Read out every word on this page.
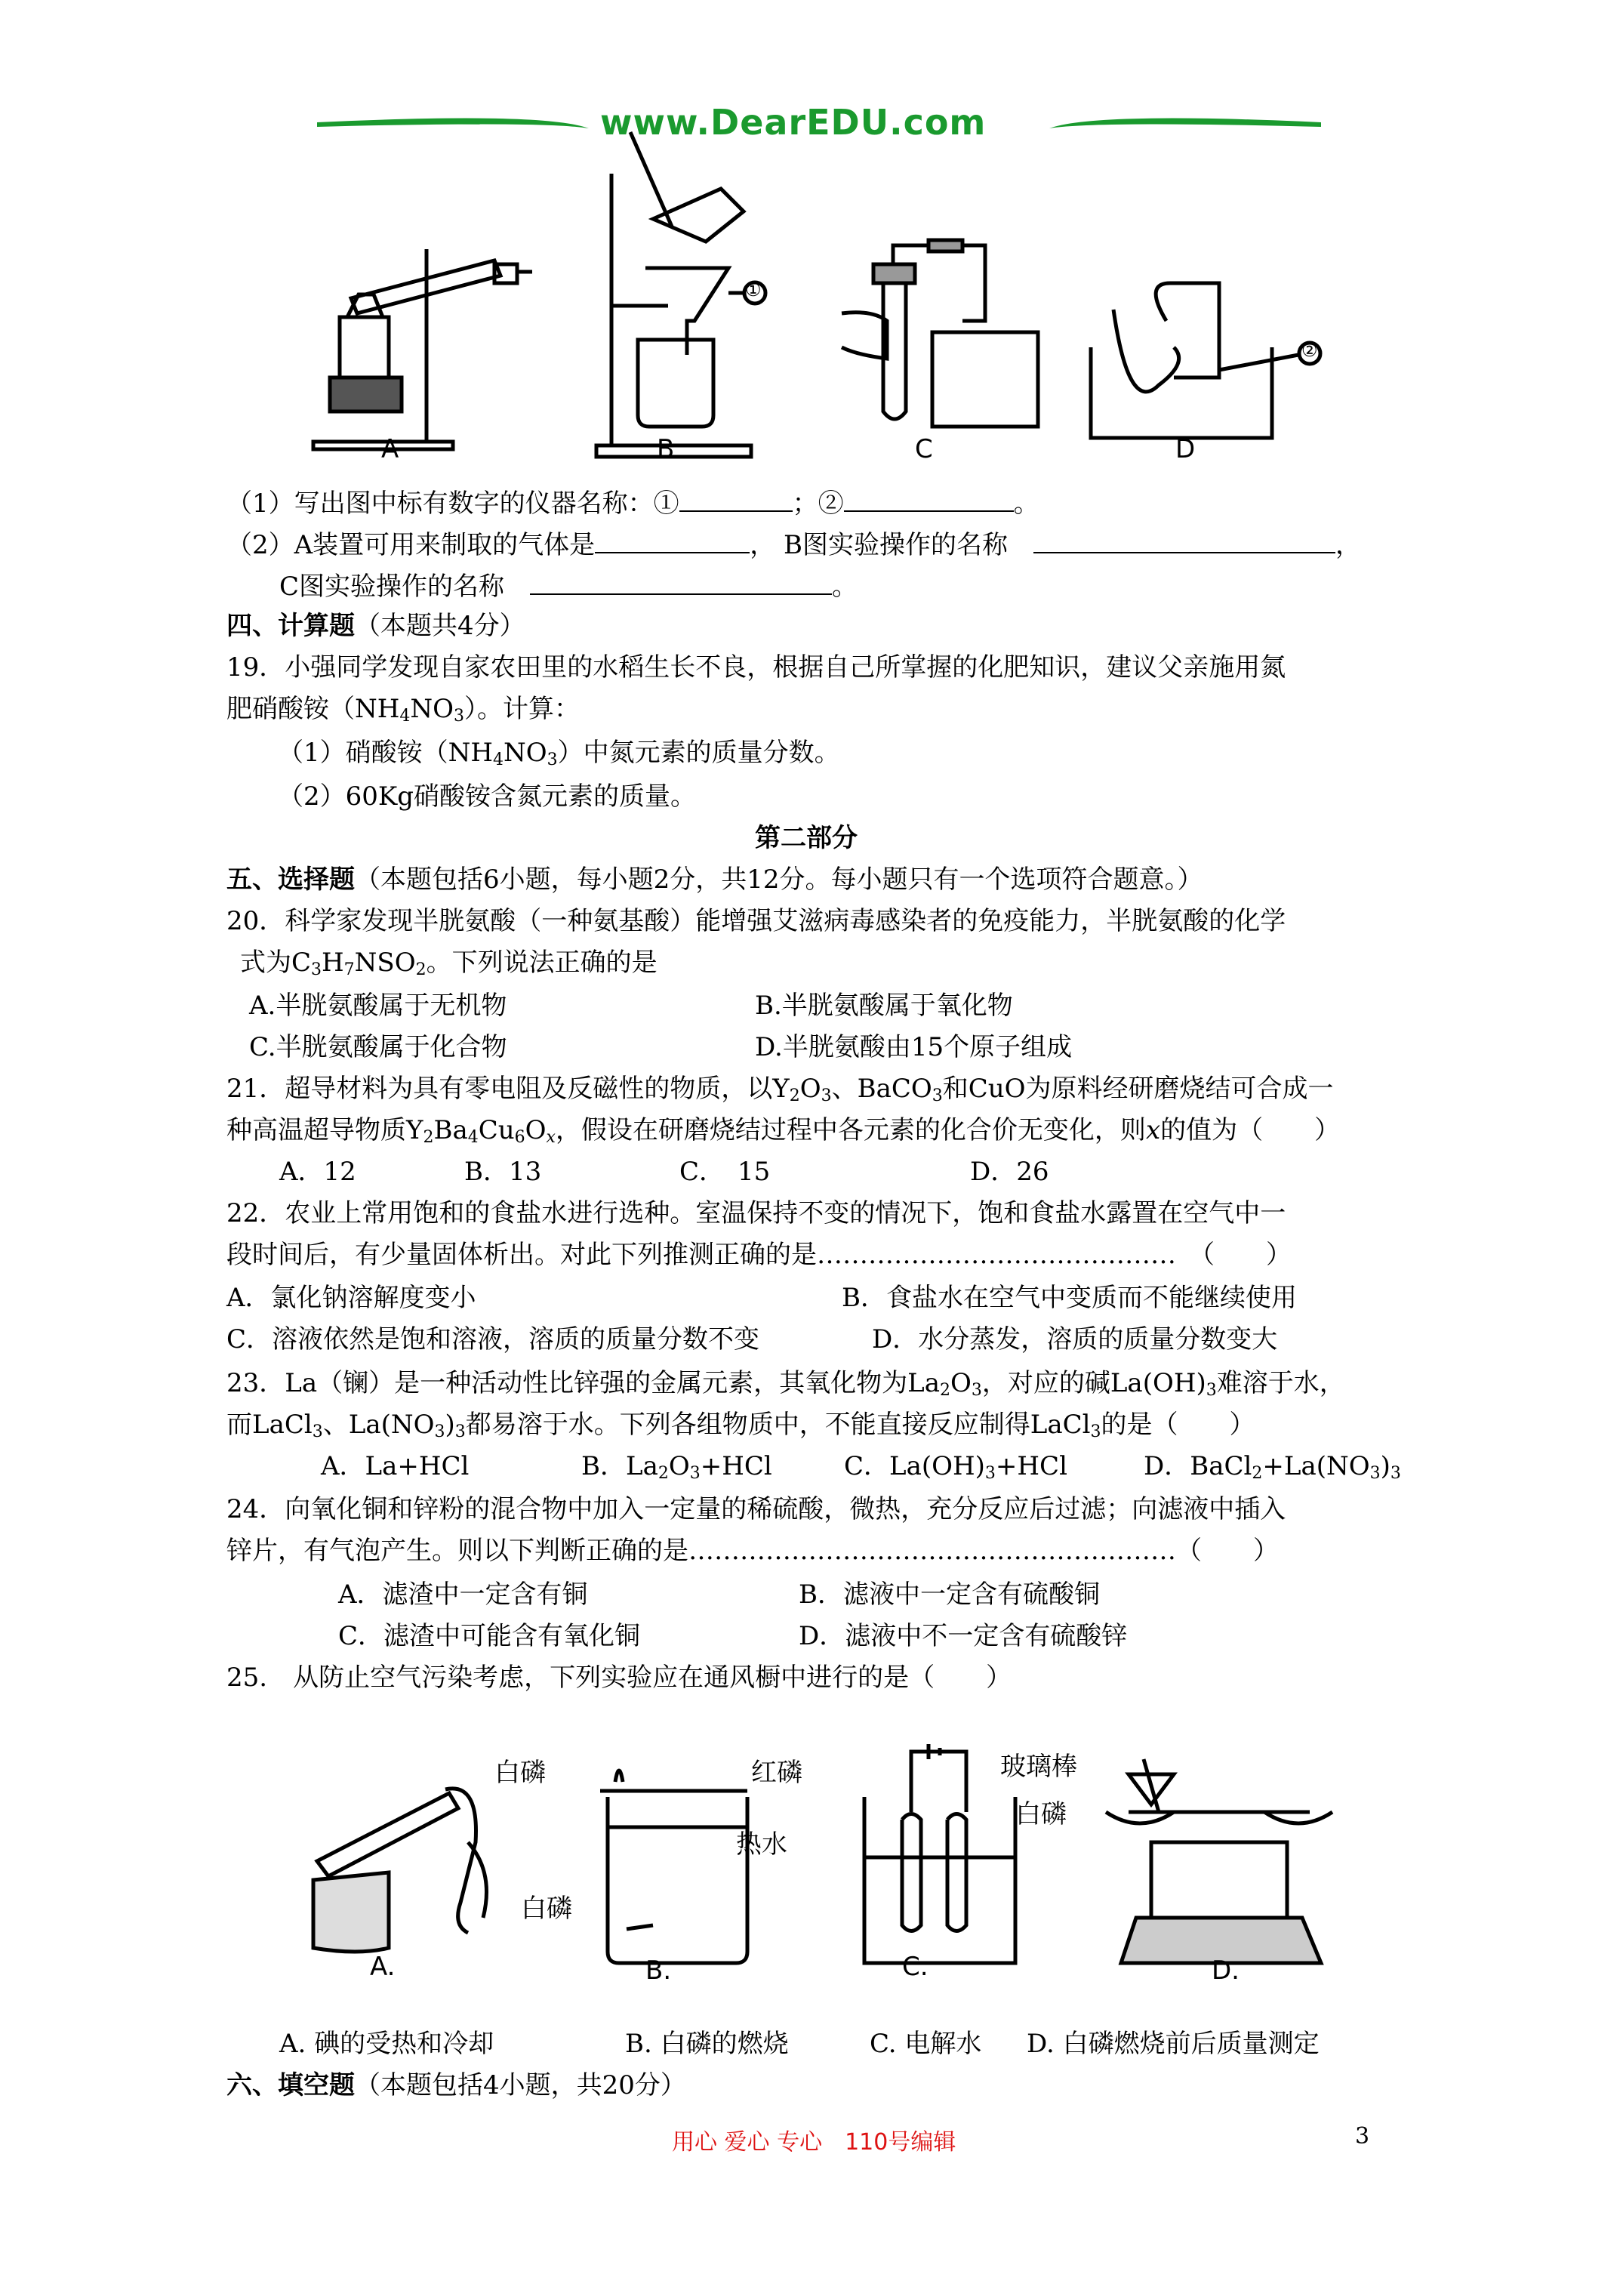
www.DearEDU.com
①
②
A	B	C	D
（1）写出图中标有数字的仪器名称：①	；②	。
（2）A装置可用来制取的气体是	， B图实验操作的名称　	，
C图实验操作的名称　	。
四、计算题（本题共4分）
19．小强同学发现自家农田里的水稻生长不良，根据自己所掌握的化肥知识，建议父亲施用氮
肥硝酸铵$(NH_4NO_3)$。计算：
（1）硝酸铵$(NH_4NO_3)$中氮元素的质量分数。
（2）60Kg硝酸铵含氮元素的质量。
第二部分
五、选择题（本题包括6小题，每小题2分，共12分。每小题只有一个选项符合题意。）
20．科学家发现半胱氨酸（一种氨基酸）能增强艾滋病毒感染者的免疫能力，半胱氨酸的化学
式为$C_3H_7NSO_2$。下列说法正确的是
A.半胱氨酸属于无机物	B.半胱氨酸属于氧化物
C.半胱氨酸属于化合物	D.半胱氨酸由15个原子组成
21．超导材料为具有零电阻及反磁性的物质，以$Y_2O_3$、BaCO$_3$和CuO为原料经研磨烧结可合成一
种高温超导物质$Y_2Ba_4Cu_6O_x$，假设在研磨烧结过程中各元素的化合价无变化，则x的值为（　　）
A．12	B．13	C．　15	D．26
22．农业上常用饱和的食盐水进行选种。室温保持不变的情况下，饱和食盐水露置在空气中一
段时间后，有少量固体析出。对此下列推测正确的是……………………………………　（　　）
A．氯化钠溶解度变小	B．食盐水在空气中变质而不能继续使用
C．溶液依然是饱和溶液，溶质的质量分数不变	D．水分蒸发，溶质的质量分数变大
23．La（镧）是一种活动性比锌强的金属元素，其氧化物为$La_2O_3$，对应的碱$La(OH)_3$难溶于水，
而LaCl$_3$、$La(NO_3)_3$都易溶于水。下列各组物质中，不能直接反应制得LaCl$_3$的是（　　）
A．La+HCl	B．$La_2O_3+HCl$	C．$La(OH)_3+HCl$	D．$BaCl_2+La(NO_3)_3$
24．向氧化铜和锌粉的混合物中加入一定量的稀硫酸，微热，充分反应后过滤；向滤液中插入
锌片，有气泡产生。则以下判断正确的是…………………………………………………（　　）
A．滤渣中一定含有铜	B．滤液中一定含有硫酸铜
C．滤渣中可能含有氧化铜	D．滤液中不一定含有硫酸锌
25.　从防止空气污染考虑，下列实验应在通风橱中进行的是（　　）
白磷	红磷
热水
白磷
玻璃棒
白磷
A.	B.	C.	D.
A. 碘的受热和冷却	B. 白磷的燃烧	C. 电解水 D. 白磷燃烧前后质量测定
六、填空题（本题包括4小题，共20分）
用心 爱心 专心　110号编辑	3
